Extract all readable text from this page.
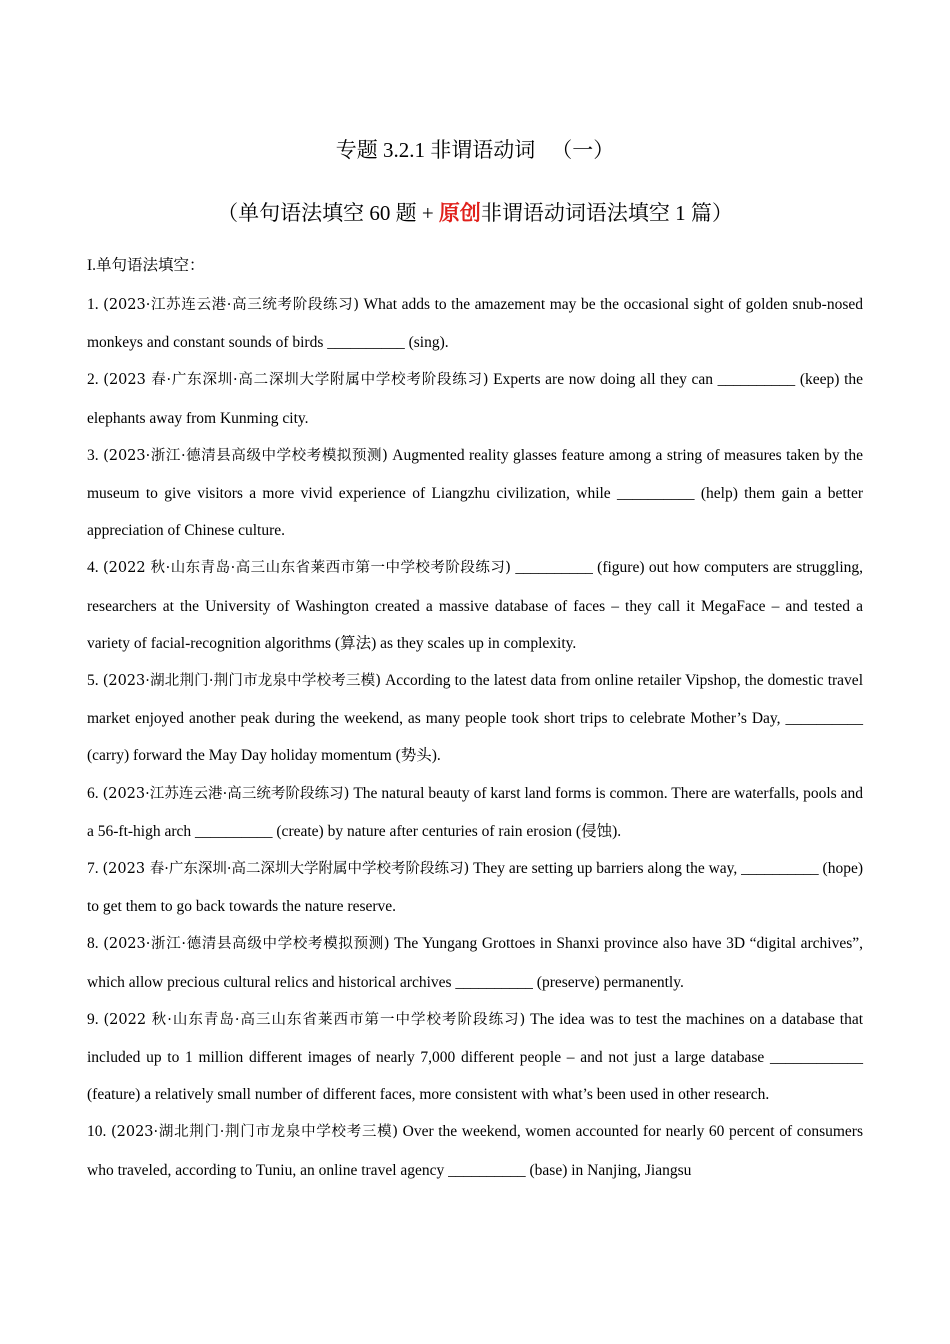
专题 3.2.1 非谓语动词 （一）
（单句语法填空 60 题 + 原创非谓语动词语法填空 1 篇）

I.单句语法填空：

1. (2023·江苏连云港·高三统考阶段练习) What adds to the amazement may be the occasional sight of golden snub-nosed monkeys and constant sounds of birds __________ (sing).

2. (2023 春·广东深圳·高二深圳大学附属中学校考阶段练习) Experts are now doing all they can __________ (keep) the elephants away from Kunming city.

3. (2023·浙江·德清县高级中学校考模拟预测) Augmented reality glasses feature among a string of measures taken by the museum to give visitors a more vivid experience of Liangzhu civilization, while __________ (help) them gain a better appreciation of Chinese culture.

4. (2022 秋·山东青岛·高三山东省莱西市第一中学校考阶段练习) __________ (figure) out how computers are struggling, researchers at the University of Washington created a massive database of faces – they call it MegaFace – and tested a variety of facial-recognition algorithms (算法) as they scales up in complexity.

5. (2023·湖北荆门·荆门市龙泉中学校考三模) According to the latest data from online retailer Vipshop, the domestic travel market enjoyed another peak during the weekend, as many people took short trips to celebrate Mother’s Day, __________ (carry) forward the May Day holiday momentum (势头).

6. (2023·江苏连云港·高三统考阶段练习) The natural beauty of karst land forms is common. There are waterfalls, pools and a 56-ft-high arch __________ (create) by nature after centuries of rain erosion (侵蚀).

7. (2023 春·广东深圳·高二深圳大学附属中学校考阶段练习) They are setting up barriers along the way, __________ (hope) to get them to go back towards the nature reserve.

8. (2023·浙江·德清县高级中学校考模拟预测) The Yungang Grottoes in Shanxi province also have 3D “digital archives”, which allow precious cultural relics and historical archives __________ (preserve) permanently.

9. (2022 秋·山东青岛·高三山东省莱西市第一中学校考阶段练习) The idea was to test the machines on a database that included up to 1 million different images of nearly 7,000 different people – and not just a large database ____________ (feature) a relatively small number of different faces, more consistent with what’s been used in other research.

10. (2023·湖北荆门·荆门市龙泉中学校考三模) Over the weekend, women accounted for nearly 60 percent of consumers who traveled, according to Tuniu, an online travel agency __________ (base) in Nanjing, Jiangsu
